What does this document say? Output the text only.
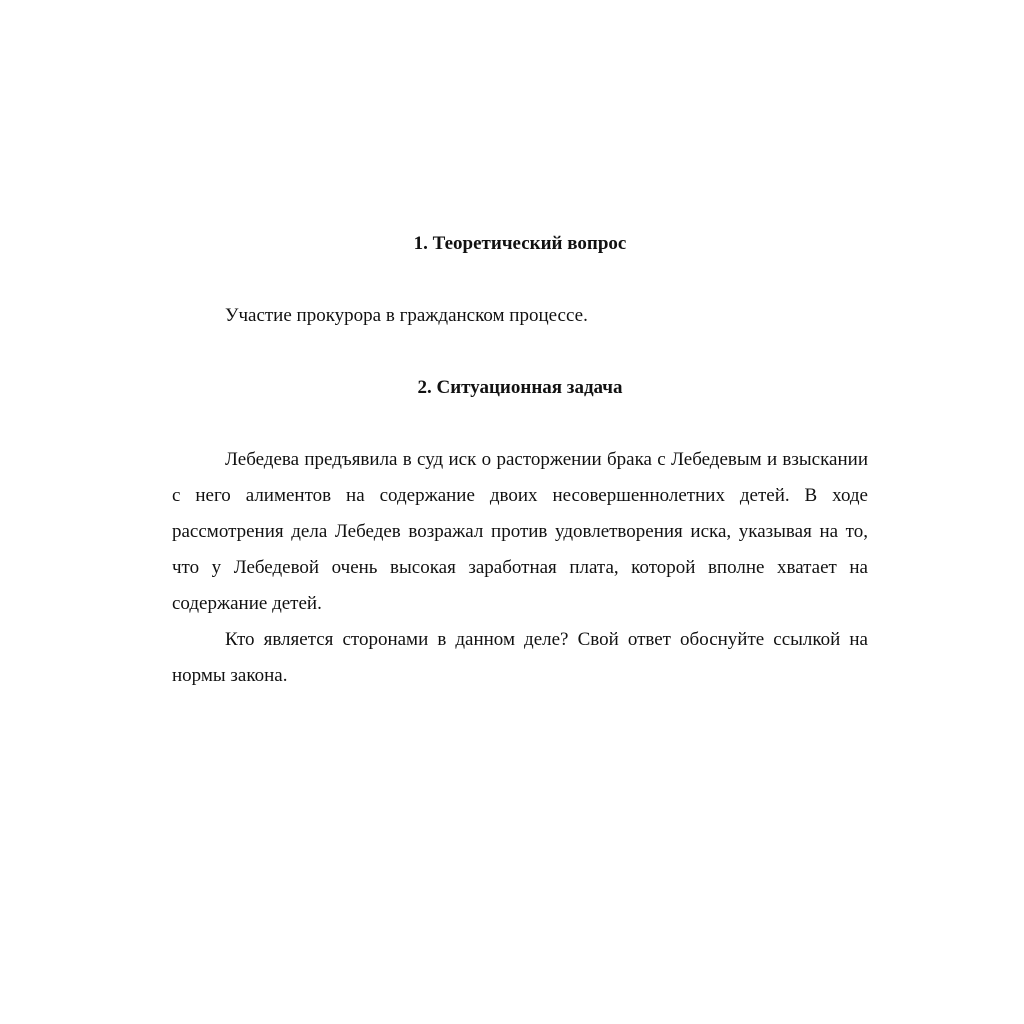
1. Теоретический вопрос

Участие прокурора в гражданском процессе.

2. Ситуационная задача

Лебедева предъявила в суд иск о расторжении брака с Лебедевым и взыскании с него алиментов на содержание двоих несовершеннолетних детей. В ходе рассмотрения дела Лебедев возражал против удовлетворения иска, указывая на то, что у Лебедевой очень высокая заработная плата, которой вполне хватает на содержание детей.

Кто является сторонами в данном деле? Свой ответ обоснуйте ссылкой на нормы закона.
